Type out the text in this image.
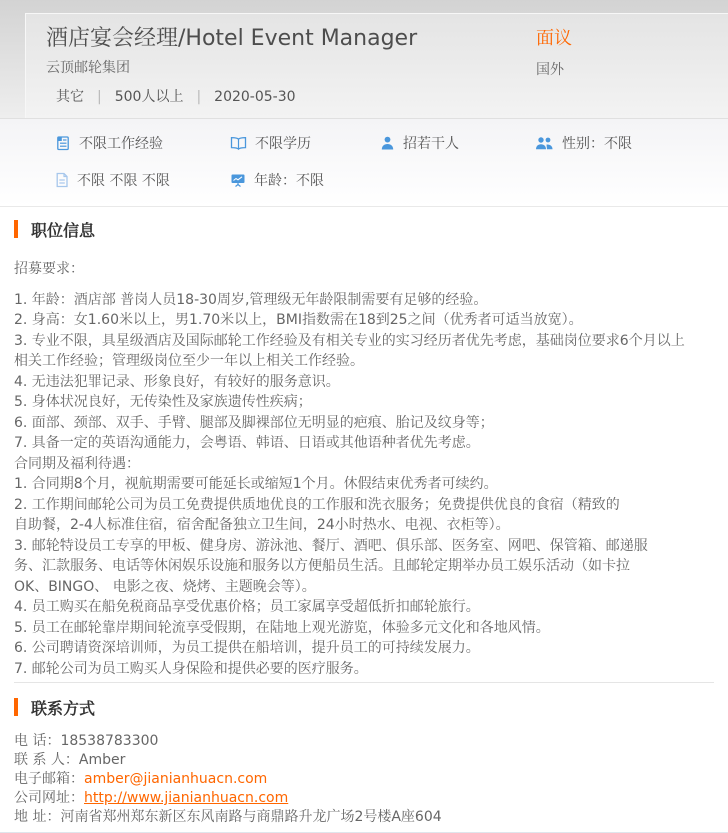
酒店宴会经理/Hotel Event Manager	面议
云顶邮轮集团	国外
其它 | 500人以上 | 2020-05-30
不限工作经验	不限学历	招若干人	性别：不限
不限 不限 不限	年龄：不限
职位信息
招募要求：
1. 年龄：酒店部 普岗人员18-30周岁,管理级无年龄限制需要有足够的经验。
2. 身高：女1.60米以上，男1.70米以上，BMI指数需在18到25之间（优秀者可适当放宽）。
3. 专业不限，具星级酒店及国际邮轮工作经验及有相关专业的实习经历者优先考虑，基础岗位要求6个月以上
相关工作经验；管理级岗位至少一年以上相关工作经验。
4. 无违法犯罪记录、形象良好，有较好的服务意识。
5. 身体状况良好，无传染性及家族遗传性疾病；
6. 面部、颈部、双手、手臂、腿部及脚裸部位无明显的疤痕、胎记及纹身等；
7. 具备一定的英语沟通能力，会粤语、韩语、日语或其他语种者优先考虑。
合同期及福利待遇：
1. 合同期8个月，视航期需要可能延长或缩短1个月。休假结束优秀者可续约。
2. 工作期间邮轮公司为员工免费提供质地优良的工作服和洗衣服务；免费提供优良的食宿（精致的
自助餐，2-4人标准住宿，宿舍配备独立卫生间，24小时热水、电视、衣柜等）。
3. 邮轮特设员工专享的甲板、健身房、游泳池、餐厅、酒吧、俱乐部、医务室、网吧、保管箱、邮递服
务、汇款服务、电话等休闲娱乐设施和服务以方便船员生活。且邮轮定期举办员工娱乐活动（如卡拉
OK、BINGO、 电影之夜、烧烤、主题晚会等）。
4. 员工购买在船免税商品享受优惠价格；员工家属享受超低折扣邮轮旅行。
5. 员工在邮轮靠岸期间轮流享受假期，在陆地上观光游览，体验多元文化和各地风情。
6. 公司聘请资深培训师，为员工提供在船培训，提升员工的可持续发展力。
7. 邮轮公司为员工购买人身保险和提供必要的医疗服务。
联系方式
电 话：18538783300
联 系 人：Amber
电子邮箱：amber@jianianhuacn.com
公司网址：http://www.jianianhuacn.com
地 址：河南省郑州郑东新区东风南路与商鼎路升龙广场2号楼A座604
